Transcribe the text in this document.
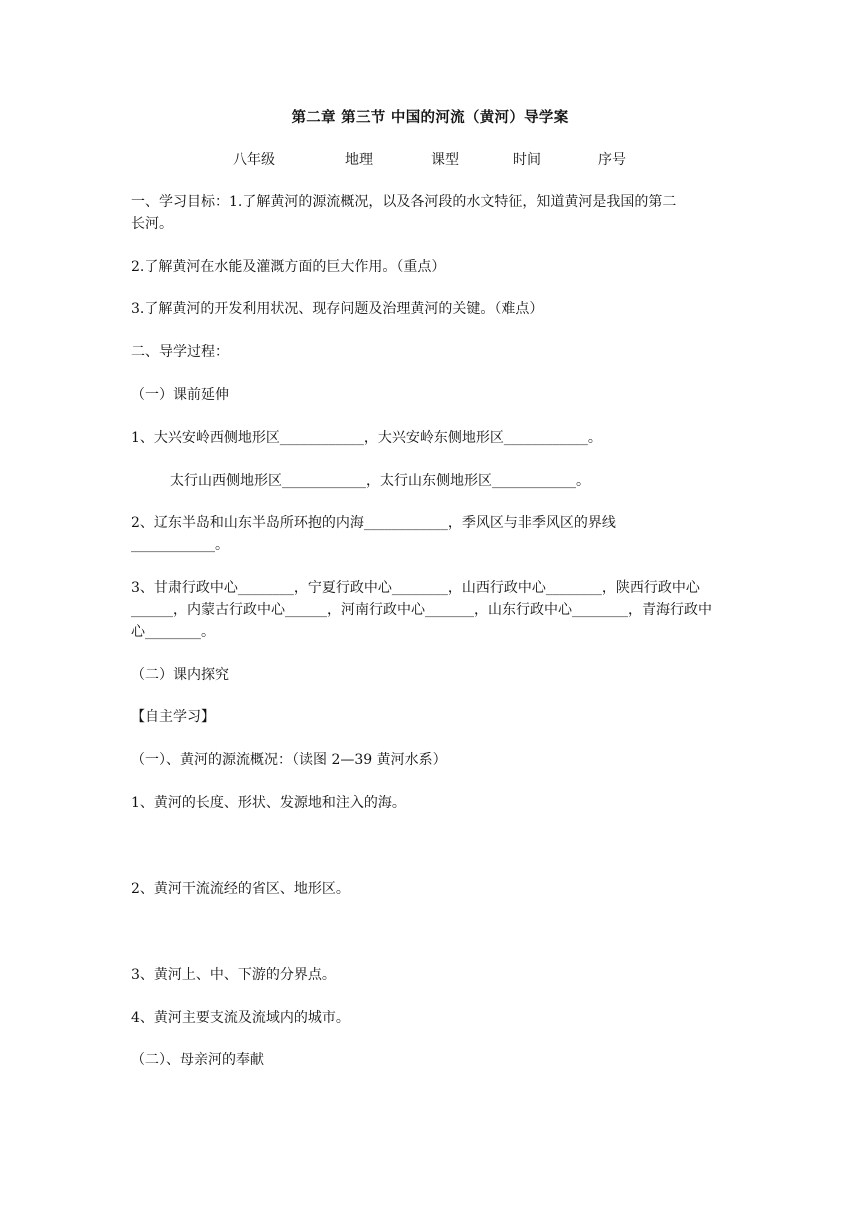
第二章 第三节 中国的河流（黄河）导学案
八年级	地理	课型	时间	序号
一、学习目标：1.了解黄河的源流概况，以及各河段的水文特征，知道黄河是我国的第二
长河。
2.了解黄河在水能及灌溉方面的巨大作用。（重点）
3.了解黄河的开发利用状况、现存问题及治理黄河的关键。（难点）
二、导学过程：
（一）课前延伸
1、大兴安岭西侧地形区____________，大兴安岭东侧地形区____________。
太行山西侧地形区____________，太行山东侧地形区____________。
2、辽东半岛和山东半岛所环抱的内海____________，季风区与非季风区的界线
____________。
3、甘肃行政中心________，宁夏行政中心________，山西行政中心________，陕西行政中心
______，内蒙古行政中心______，河南行政中心_______，山东行政中心________，青海行政中
心________。
（二）课内探究
【自主学习】
（一）、黄河的源流概况：（读图 2—39 黄河水系）
1、黄河的长度、形状、发源地和注入的海。
2、黄河干流流经的省区、地形区。
3、黄河上、中、下游的分界点。
4、黄河主要支流及流域内的城市。
（二）、母亲河的奉献
